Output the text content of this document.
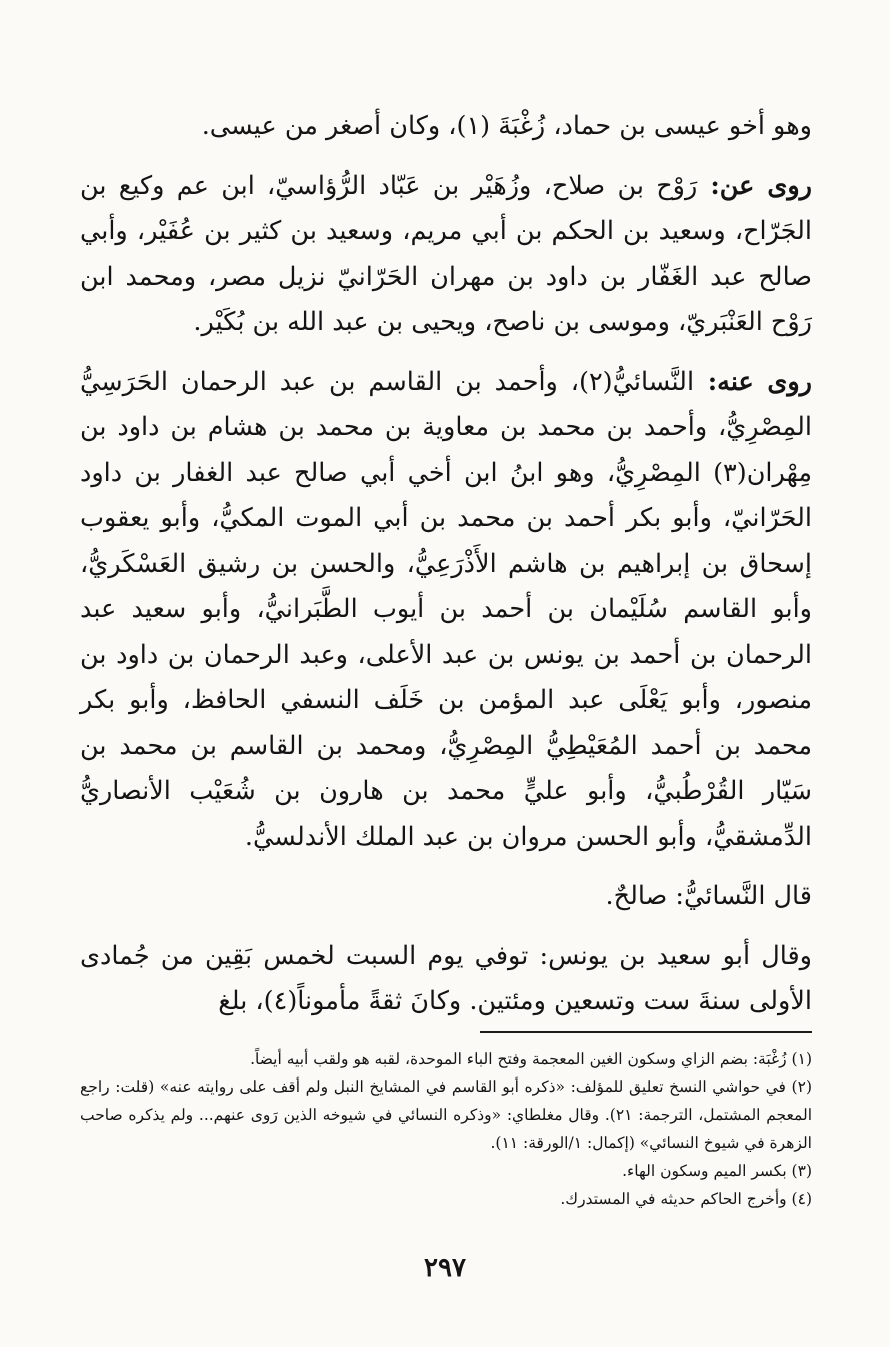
وهو أخو عيسى بن حماد، زُغْبَةَ (١)، وكان أصغر من عيسى.

روى عن: رَوْح بن صلاح، وزُهَيْر بن عَبّاد الرُّؤاسيّ، ابن عم وكيع بن الجَرّاح، وسعيد بن الحكم بن أبي مريم، وسعيد بن كثير بن عُفَيْر، وأبي صالح عبد الغَفّار بن داود بن مهران الحَرّانيّ نزيل مصر، ومحمد ابن رَوْح العَنْبَريّ، وموسى بن ناصح، ويحيى بن عبد الله بن بُكَيْر.

روى عنه: النَّسائيُّ(٢)، وأحمد بن القاسم بن عبد الرحمان الحَرَسِيُّ المِصْرِيُّ، وأحمد بن محمد بن معاوية بن محمد بن هشام بن داود بن مِهْران(٣) المِصْرِيُّ، وهو ابنُ ابن أخي أبي صالح عبد الغفار بن داود الحَرّانيّ، وأبو بكر أحمد بن محمد بن أبي الموت المكيُّ، وأبو يعقوب إسحاق بن إبراهيم بن هاشم الأَذْرَعِيُّ، والحسن بن رشيق العَسْكَريُّ، وأبو القاسم سُلَيْمان بن أحمد بن أيوب الطَّبَرانيُّ، وأبو سعيد عبد الرحمان بن أحمد بن يونس بن عبد الأعلى، وعبد الرحمان بن داود بن منصور، وأبو يَعْلَى عبد المؤمن بن خَلَف النسفي الحافظ، وأبو بكر محمد بن أحمد المُعَيْطِيُّ المِصْرِيُّ، ومحمد بن القاسم بن محمد بن سَيّار القُرْطُبيُّ، وأبو عليٍّ محمد بن هارون بن شُعَيْب الأنصاريُّ الدِّمشقيُّ، وأبو الحسن مروان بن عبد الملك الأندلسيُّ.

قال النَّسائيُّ: صالحٌ.

وقال أبو سعيد بن يونس: توفي يوم السبت لخمس بَقِين من جُمادى الأولى سنةَ ست وتسعين ومئتين. وكانَ ثقةً مأموناً(٤)، بلغ

(١) زُغْبَة: بضم الزاي وسكون الغين المعجمة وفتح الباء الموحدة، لقبه هو ولقب أبيه أيضاً.

(٢) في حواشي النسخ تعليق للمؤلف: «ذكره أبو القاسم في المشايخ النبل ولم أقف على روايته عنه» (قلت: راجع المعجم المشتمل، الترجمة: ٢١). وقال مغلطاي: «وذكره النسائي في شيوخه الذين رَوى عنهم... ولم يذكره صاحب الزهرة في شيوخ النسائي» (إكمال: ١/الورقة: ١١).

(٣) بكسر الميم وسكون الهاء.

(٤) وأخرج الحاكم حديثه في المستدرك.

٢٩٧
